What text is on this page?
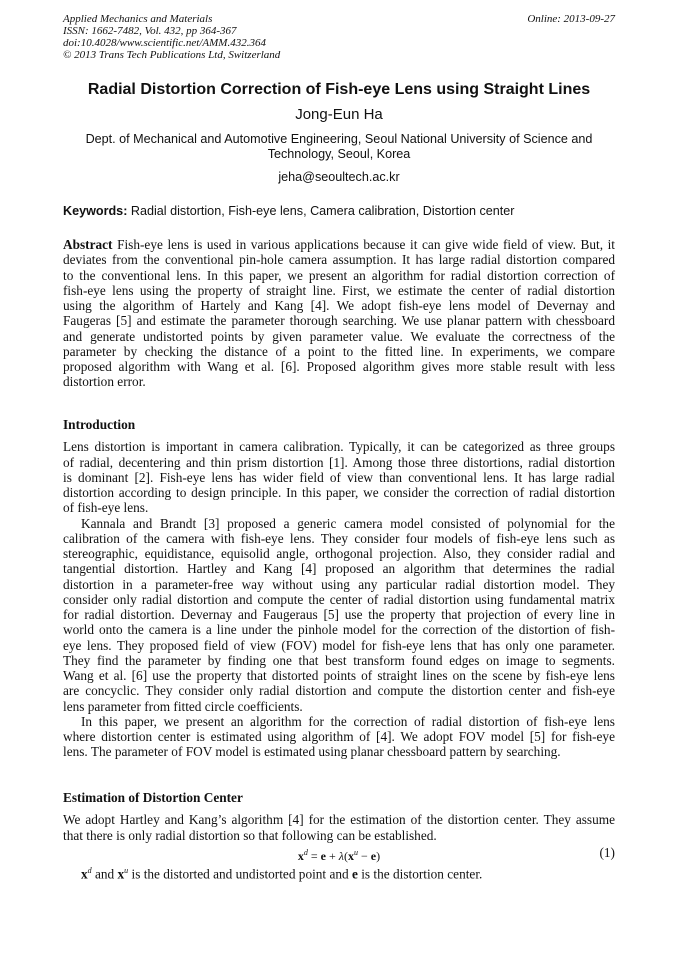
Applied Mechanics and Materials
ISSN: 1662-7482, Vol. 432, pp 364-367
doi:10.4028/www.scientific.net/AMM.432.364
© 2013 Trans Tech Publications Ltd, Switzerland
Online: 2013-09-27
Radial Distortion Correction of Fish-eye Lens using Straight Lines
Jong-Eun Ha
Dept. of Mechanical and Automotive Engineering, Seoul National University of Science and
Technology, Seoul, Korea
jeha@seoultech.ac.kr
Keywords: Radial distortion, Fish-eye lens, Camera calibration, Distortion center
Abstract Fish-eye lens is used in various applications because it can give wide field of view. But, it
deviates from the conventional pin-hole camera assumption. It has large radial distortion compared
to the conventional lens. In this paper, we present an algorithm for radial distortion correction of
fish-eye lens using the property of straight line. First, we estimate the center of radial distortion
using the algorithm of Hartely and Kang [4]. We adopt fish-eye lens model of Devernay and
Faugeras [5] and estimate the parameter thorough searching. We use planar pattern with chessboard
and generate undistorted points by given parameter value. We evaluate the correctness of the
parameter by checking the distance of a point to the fitted line. In experiments, we compare
proposed algorithm with Wang et al. [6]. Proposed algorithm gives more stable result with less
distortion error.
Introduction
Lens distortion is important in camera calibration. Typically, it can be categorized as three groups
of radial, decentering and thin prism distortion [1]. Among those three distortions, radial distortion
is dominant [2]. Fish-eye lens has wider field of view than conventional lens. It has large radial
distortion according to design principle. In this paper, we consider the correction of radial distortion
of fish-eye lens.
Kannala and Brandt [3] proposed a generic camera model consisted of polynomial for the
calibration of the camera with fish-eye lens. They consider four models of fish-eye lens such as
stereographic, equidistance, equisolid angle, orthogonal projection. Also, they consider radial and
tangential distortion. Hartley and Kang [4] proposed an algorithm that determines the radial
distortion in a parameter-free way without using any particular radial distortion model. They
consider only radial distortion and compute the center of radial distortion using fundamental matrix
for radial distortion. Devernay and Faugeraus [5] use the property that projection of every line in
world onto the camera is a line under the pinhole model for the correction of the distortion of fish-
eye lens. They proposed field of view (FOV) model for fish-eye lens that has only one parameter.
They find the parameter by finding one that best transform found edges on image to segments.
Wang et al. [6] use the property that distorted points of straight lines on the scene by fish-eye lens
are concyclic. They consider only radial distortion and compute the distortion center and fish-eye
lens parameter from fitted circle coefficients.
In this paper, we present an algorithm for the correction of radial distortion of fish-eye lens
where distortion center is estimated using algorithm of [4]. We adopt FOV model [5] for fish-eye
lens. The parameter of FOV model is estimated using planar chessboard pattern by searching.
Estimation of Distortion Center
We adopt Hartley and Kang’s algorithm [4] for the estimation of the distortion center. They assume
that there is only radial distortion so that following can be established.
$x^d = e + \lambda(x^u - e)$	(1)
$x^d$ and $x^u$ is the distorted and undistorted point and e is the distortion center.
